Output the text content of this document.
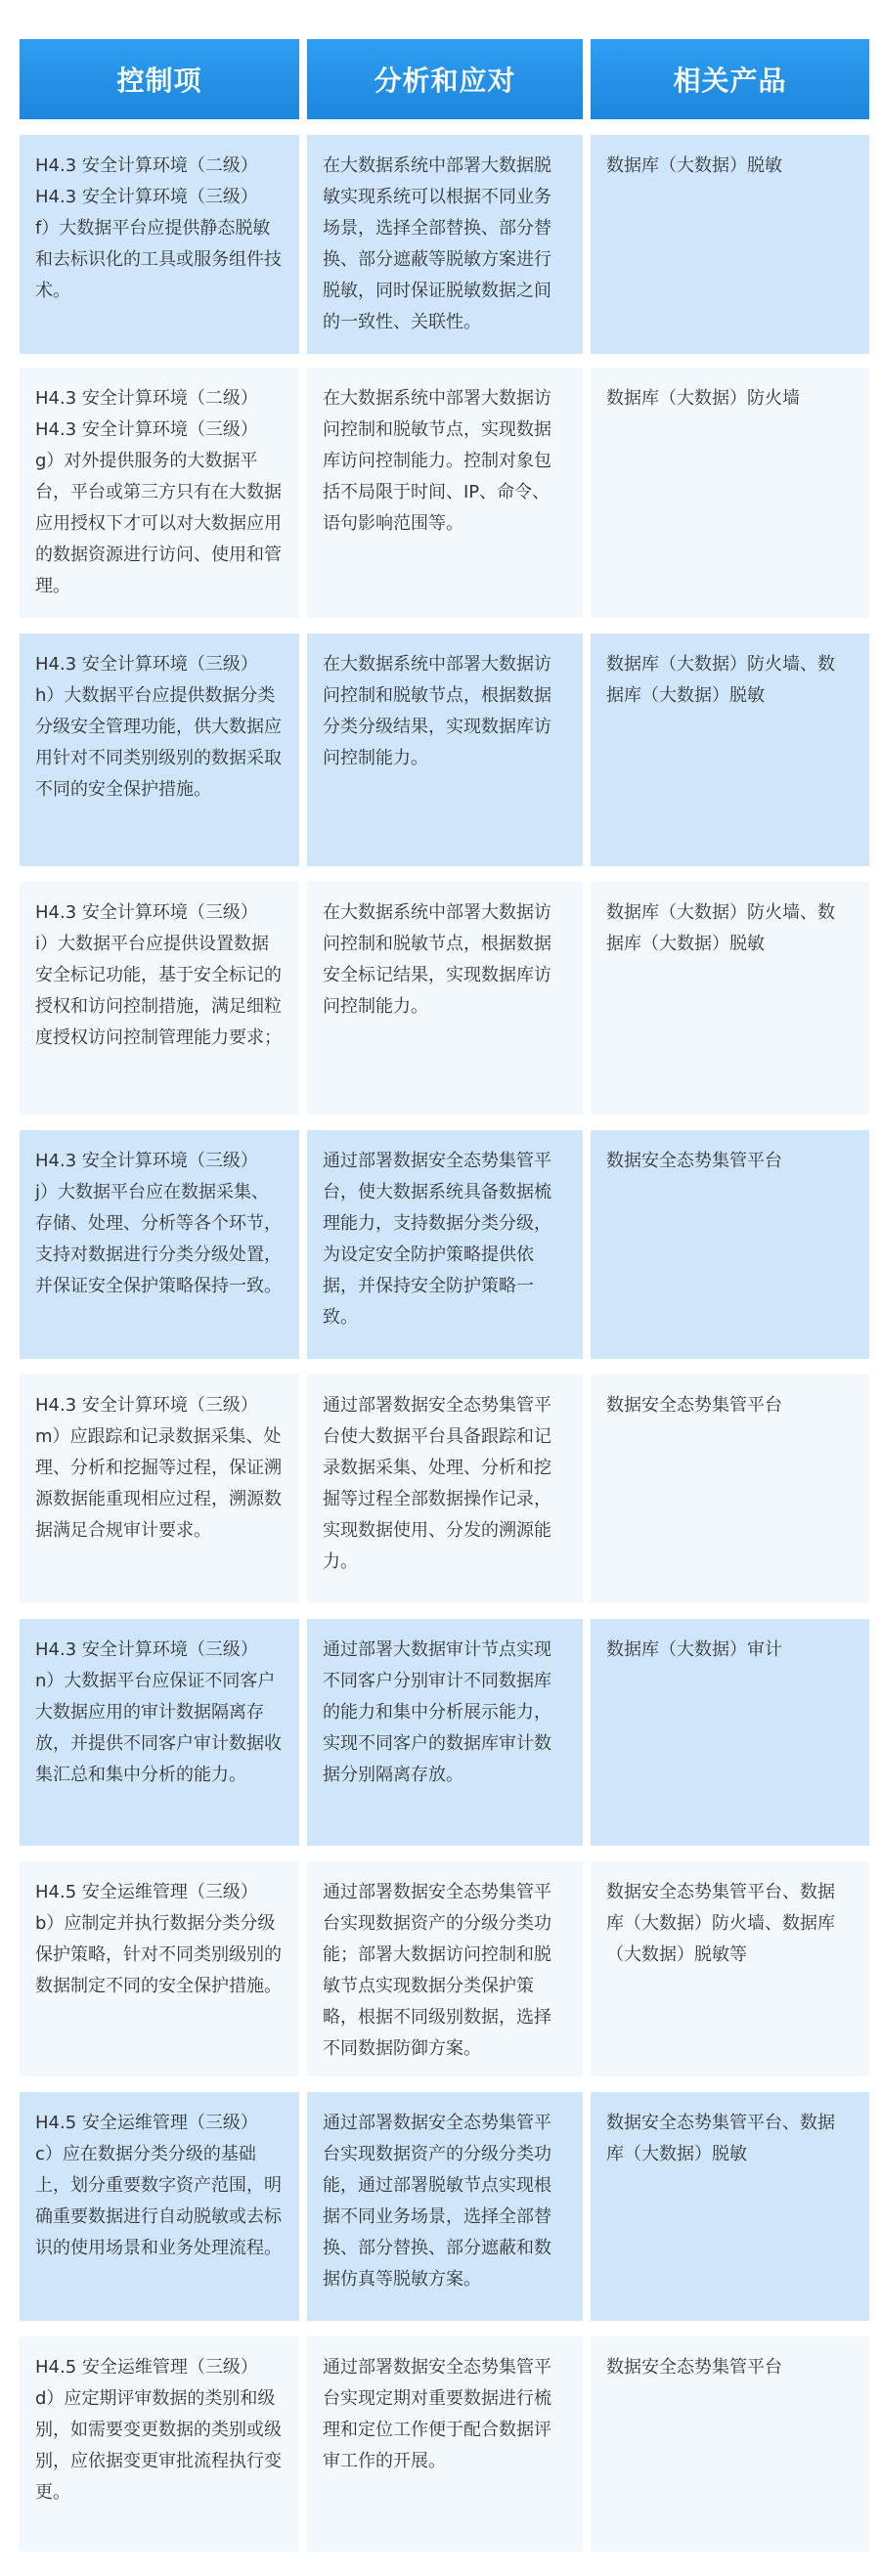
控制项	分析和应对	相关产品
H4.3 安全计算环境（二级）
H4.3 安全计算环境（三级）
f）大数据平台应提供静态脱敏和去标识化的工具或服务组件技术。
在大数据系统中部署大数据脱敏实现系统可以根据不同业务场景，选择全部替换、部分替换、部分遮蔽等脱敏方案进行脱敏，同时保证脱敏数据之间的一致性、关联性。
数据库（大数据）脱敏
H4.3 安全计算环境（二级）
H4.3 安全计算环境（三级）
g）对外提供服务的大数据平台，平台或第三方只有在大数据应用授权下才可以对大数据应用的数据资源进行访问、使用和管理。
在大数据系统中部署大数据访问控制和脱敏节点，实现数据库访问控制能力。控制对象包括不局限于时间、IP、命令、语句影响范围等。
数据库（大数据）防火墙
H4.3 安全计算环境（三级）
h）大数据平台应提供数据分类分级安全管理功能，供大数据应用针对不同类别级别的数据采取不同的安全保护措施。
在大数据系统中部署大数据访问控制和脱敏节点，根据数据分类分级结果，实现数据库访问控制能力。
数据库（大数据）防火墙、数据库（大数据）脱敏
H4.3 安全计算环境（三级）
i）大数据平台应提供设置数据安全标记功能，基于安全标记的授权和访问控制措施，满足细粒度授权访问控制管理能力要求；
在大数据系统中部署大数据访问控制和脱敏节点，根据数据安全标记结果，实现数据库访问控制能力。
数据库（大数据）防火墙、数据库（大数据）脱敏
H4.3 安全计算环境（三级）
j）大数据平台应在数据采集、存储、处理、分析等各个环节，支持对数据进行分类分级处置，并保证安全保护策略保持一致。
通过部署数据安全态势集管平台，使大数据系统具备数据梳理能力，支持数据分类分级，为设定安全防护策略提供依据，并保持安全防护策略一致。
数据安全态势集管平台
H4.3 安全计算环境（三级）
m）应跟踪和记录数据采集、处理、分析和挖掘等过程，保证溯源数据能重现相应过程，溯源数据满足合规审计要求。
通过部署数据安全态势集管平台使大数据平台具备跟踪和记录数据采集、处理、分析和挖掘等过程全部数据操作记录，实现数据使用、分发的溯源能力。
数据安全态势集管平台
H4.3 安全计算环境（三级）
n）大数据平台应保证不同客户大数据应用的审计数据隔离存放，并提供不同客户审计数据收集汇总和集中分析的能力。
通过部署大数据审计节点实现不同客户分别审计不同数据库的能力和集中分析展示能力，实现不同客户的数据库审计数据分别隔离存放。
数据库（大数据）审计
H4.5 安全运维管理（三级）
b）应制定并执行数据分类分级保护策略，针对不同类别级别的数据制定不同的安全保护措施。
通过部署数据安全态势集管平台实现数据资产的分级分类功能；部署大数据访问控制和脱敏节点实现数据分类保护策略，根据不同级别数据，选择不同数据防御方案。
数据安全态势集管平台、数据库（大数据）防火墙、数据库（大数据）脱敏等
H4.5 安全运维管理（三级）
c）应在数据分类分级的基础上，划分重要数字资产范围，明确重要数据进行自动脱敏或去标识的使用场景和业务处理流程。
通过部署数据安全态势集管平台实现数据资产的分级分类功能，通过部署脱敏节点实现根据不同业务场景，选择全部替换、部分替换、部分遮蔽和数据仿真等脱敏方案。
数据安全态势集管平台、数据库（大数据）脱敏
H4.5 安全运维管理（三级）
d）应定期评审数据的类别和级别，如需要变更数据的类别或级别，应依据变更审批流程执行变更。
通过部署数据安全态势集管平台实现定期对重要数据进行梳理和定位工作便于配合数据评审工作的开展。
数据安全态势集管平台
